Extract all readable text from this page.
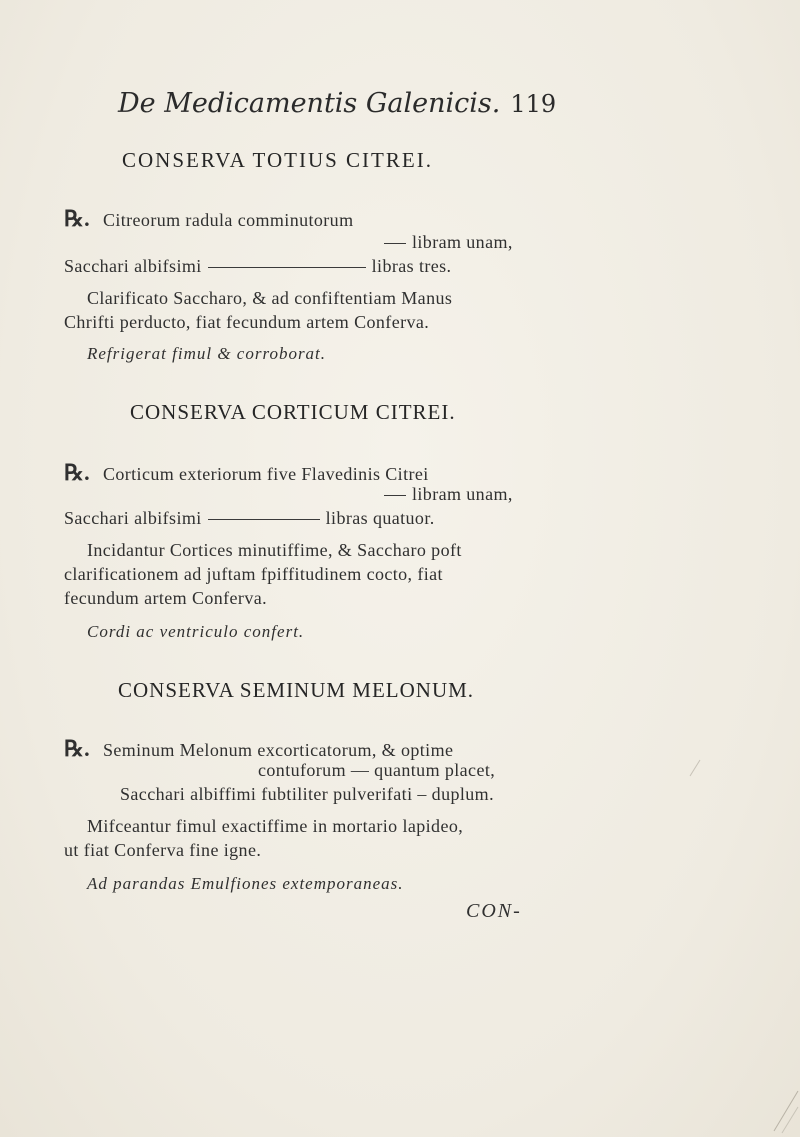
De Medicamentis Galenicis. 119
CONSERVA TOTIUS CITREI.
℞. Citreorum radula comminutorum
libram unam,
Sacchari albifsimi	libras tres.
Clarificato Saccharo, & ad confiftentiam Manus
Chrifti perducto, fiat fecundum artem Conferva.
Refrigerat fimul & corroborat.
CONSERVA CORTICUM CITREI.
℞. Corticum exteriorum five Flavedinis Citrei
libram unam,
Sacchari albifsimi	libras quatuor.
Incidantur Cortices minutiffime, & Saccharo poft
clarificationem ad juftam fpiffitudinem cocto, fiat
fecundum artem Conferva.
Cordi ac ventriculo confert.
CONSERVA SEMINUM MELONUM.
℞. Seminum Melonum excorticatorum, & optime
contuforum — quantum placet,
Sacchari albiffimi fubtiliter pulverifati – duplum.
Mifceantur fimul exactiffime in mortario lapideo,
ut fiat Conferva fine igne.
Ad parandas Emulfiones extemporaneas.
CON-
